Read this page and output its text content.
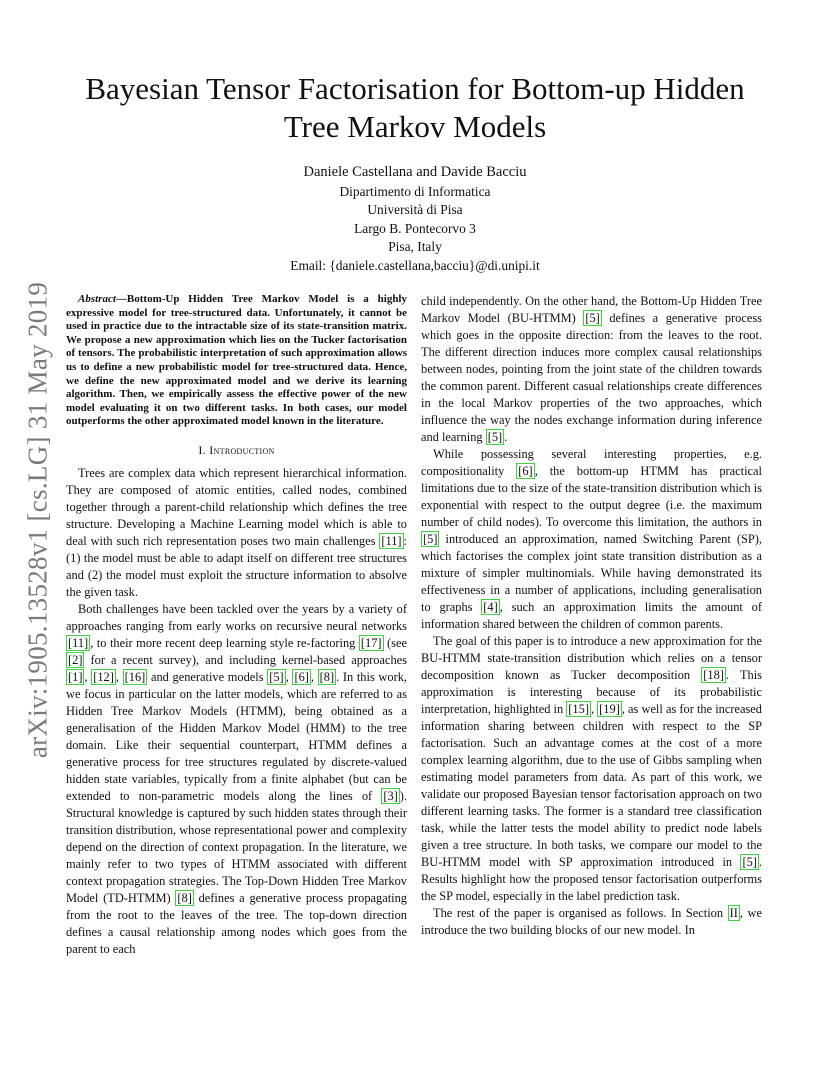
arXiv:1905.13528v1 [cs.LG] 31 May 2019
Bayesian Tensor Factorisation for Bottom-up Hidden Tree Markov Models
Daniele Castellana and Davide Bacciu
Dipartimento di Informatica
Università di Pisa
Largo B. Pontecorvo 3
Pisa, Italy
Email: {daniele.castellana,bacciu}@di.unipi.it

Abstract—Bottom-Up Hidden Tree Markov Model is a highly expressive model for tree-structured data. Unfortunately, it cannot be used in practice due to the intractable size of its state-transition matrix. We propose a new approximation which lies on the Tucker factorisation of tensors. The probabilistic interpretation of such approximation allows us to define a new probabilistic model for tree-structured data. Hence, we define the new approximated model and we derive its learning algorithm. Then, we empirically assess the effective power of the new model evaluating it on two different tasks. In both cases, our model outperforms the other approximated model known in the literature.

I. Introduction

Trees are complex data which represent hierarchical information. They are composed of atomic entities, called nodes, combined together through a parent-child relationship which defines the tree structure. Developing a Machine Learning model which is able to deal with such rich representation poses two main challenges [11] : (1) the model must be able to adapt itself on different tree structures and (2) the model must exploit the structure information to absolve the given task.

Both challenges have been tackled over the years by a variety of approaches ranging from early works on recursive neural networks [11] , to their more recent deep learning style re-factoring [17] (see [2] for a recent survey), and including kernel-based approaches [1] , [12] , [16] and generative models [5] , [6] , [8] . In this work, we focus in particular on the latter models, which are referred to as Hidden Tree Markov Models (HTMM), being obtained as a generalisation of the Hidden Markov Model (HMM) to the tree domain. Like their sequential counterpart, HTMM defines a generative process for tree structures regulated by discrete-valued hidden state variables, typically from a finite alphabet (but can be extended to non-parametric models along the lines of [3] ). Structural knowledge is captured by such hidden states through their transition distribution, whose representational power and complexity depend on the direction of context propagation. In the literature, we mainly refer to two types of HTMM associated with different context propagation strategies. The Top-Down Hidden Tree Markov Model (TD-HTMM) [8] defines a generative process propagating from the root to the leaves of the tree. The top-down direction defines a causal relationship among nodes which goes from the parent to each

child independently. On the other hand, the Bottom-Up Hidden Tree Markov Model (BU-HTMM) [5] defines a generative process which goes in the opposite direction: from the leaves to the root. The different direction induces more complex causal relationships between nodes, pointing from the joint state of the children towards the common parent. Different casual relationships create differences in the local Markov properties of the two approaches, which influence the way the nodes exchange information during inference and learning [5] .

While possessing several interesting properties, e.g. compositionality [6] , the bottom-up HTMM has practical limitations due to the size of the state-transition distribution which is exponential with respect to the output degree (i.e. the maximum number of child nodes). To overcome this limitation, the authors in [5] introduced an approximation, named Switching Parent (SP), which factorises the complex joint state transition distribution as a mixture of simpler multinomials. While having demonstrated its effectiveness in a number of applications, including generalisation to graphs [4] , such an approximation limits the amount of information shared between the children of common parents.

The goal of this paper is to introduce a new approximation for the BU-HTMM state-transition distribution which relies on a tensor decomposition known as Tucker decomposition [18] . This approximation is interesting because of its probabilistic interpretation, highlighted in [15] , [19] , as well as for the increased information sharing between children with respect to the SP factorisation. Such an advantage comes at the cost of a more complex learning algorithm, due to the use of Gibbs sampling when estimating model parameters from data. As part of this work, we validate our proposed Bayesian tensor factorisation approach on two different learning tasks. The former is a standard tree classification task, while the latter tests the model ability to predict node labels given a tree structure. In both tasks, we compare our model to the BU-HTMM model with SP approximation introduced in [5] . Results highlight how the proposed tensor factorisation outperforms the SP model, especially in the label prediction task.

The rest of the paper is organised as follows. In Section II , we introduce the two building blocks of our new model. In
